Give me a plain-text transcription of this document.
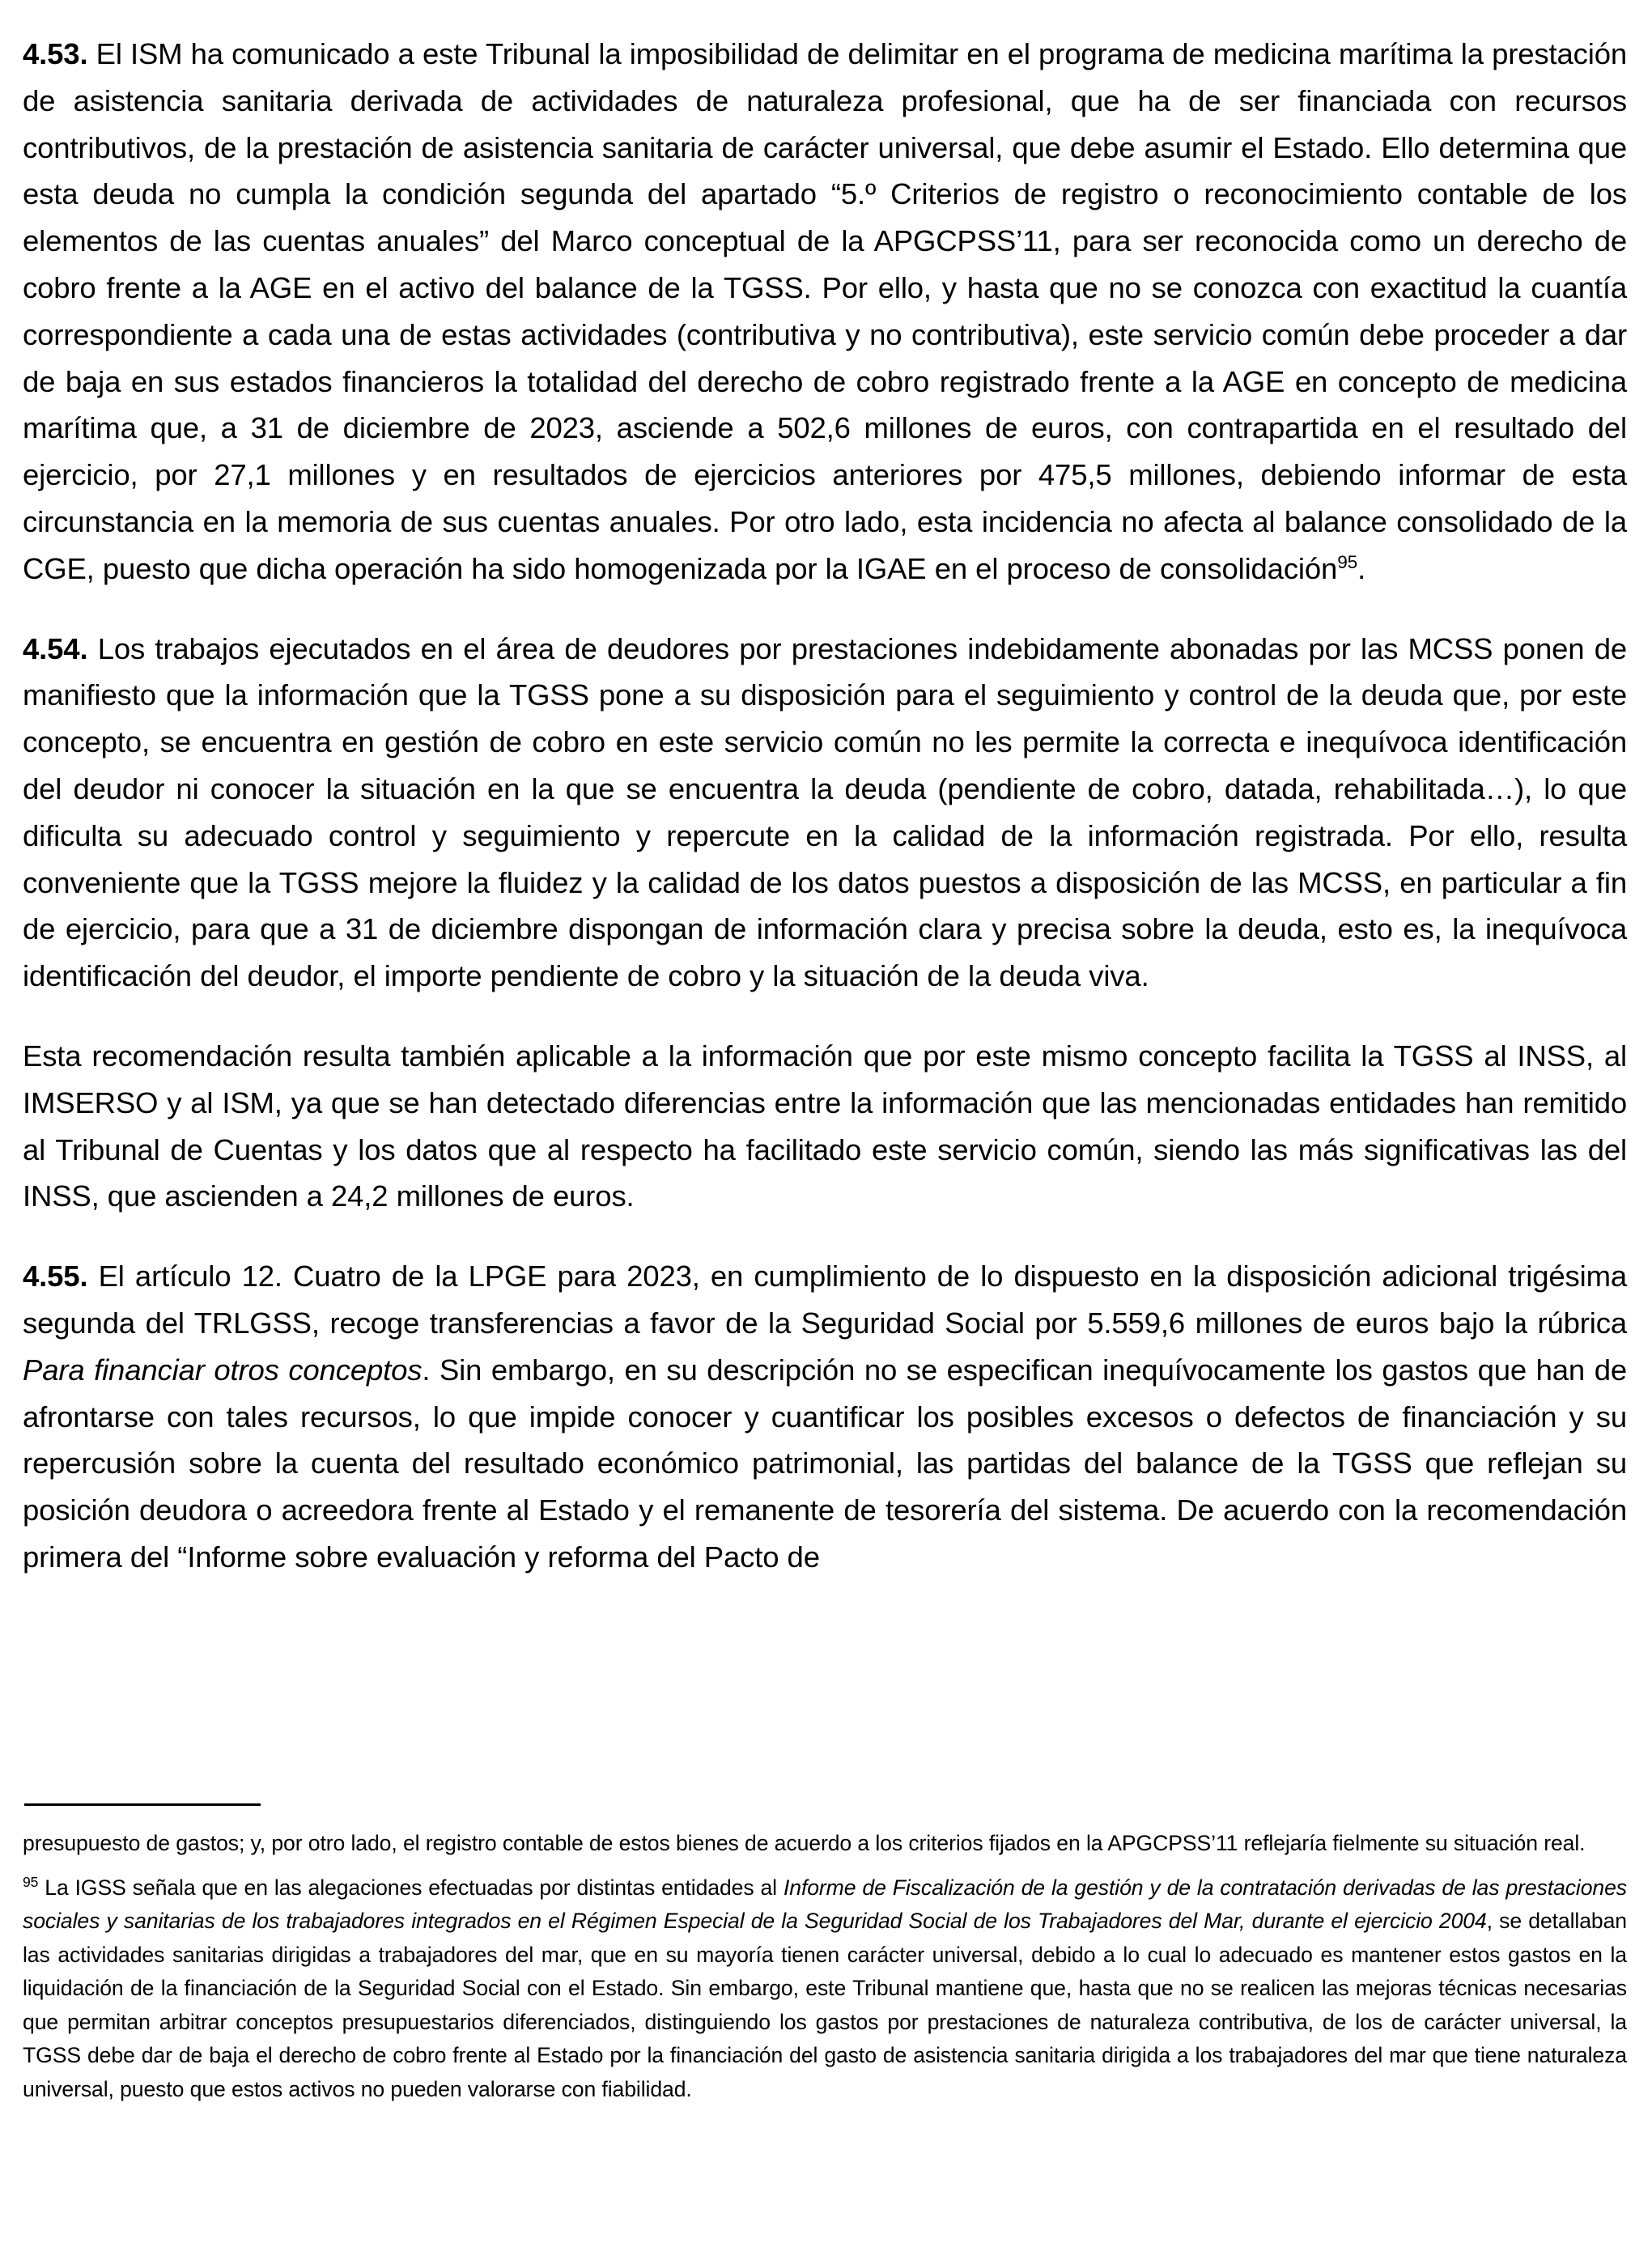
4.53. El ISM ha comunicado a este Tribunal la imposibilidad de delimitar en el programa de medicina marítima la prestación de asistencia sanitaria derivada de actividades de naturaleza profesional, que ha de ser financiada con recursos contributivos, de la prestación de asistencia sanitaria de carácter universal, que debe asumir el Estado. Ello determina que esta deuda no cumpla la condición segunda del apartado “5.º Criterios de registro o reconocimiento contable de los elementos de las cuentas anuales” del Marco conceptual de la APGCPSS’11, para ser reconocida como un derecho de cobro frente a la AGE en el activo del balance de la TGSS. Por ello, y hasta que no se conozca con exactitud la cuantía correspondiente a cada una de estas actividades (contributiva y no contributiva), este servicio común debe proceder a dar de baja en sus estados financieros la totalidad del derecho de cobro registrado frente a la AGE en concepto de medicina marítima que, a 31 de diciembre de 2023, asciende a 502,6 millones de euros, con contrapartida en el resultado del ejercicio, por 27,1 millones y en resultados de ejercicios anteriores por 475,5 millones, debiendo informar de esta circunstancia en la memoria de sus cuentas anuales. Por otro lado, esta incidencia no afecta al balance consolidado de la CGE, puesto que dicha operación ha sido homogenizada por la IGAE en el proceso de consolidación$^{95}$.

4.54. Los trabajos ejecutados en el área de deudores por prestaciones indebidamente abonadas por las MCSS ponen de manifiesto que la información que la TGSS pone a su disposición para el seguimiento y control de la deuda que, por este concepto, se encuentra en gestión de cobro en este servicio común no les permite la correcta e inequívoca identificación del deudor ni conocer la situación en la que se encuentra la deuda (pendiente de cobro, datada, rehabilitada…), lo que dificulta su adecuado control y seguimiento y repercute en la calidad de la información registrada. Por ello, resulta conveniente que la TGSS mejore la fluidez y la calidad de los datos puestos a disposición de las MCSS, en particular a fin de ejercicio, para que a 31 de diciembre dispongan de información clara y precisa sobre la deuda, esto es, la inequívoca identificación del deudor, el importe pendiente de cobro y la situación de la deuda viva.

Esta recomendación resulta también aplicable a la información que por este mismo concepto facilita la TGSS al INSS, al IMSERSO y al ISM, ya que se han detectado diferencias entre la información que las mencionadas entidades han remitido al Tribunal de Cuentas y los datos que al respecto ha facilitado este servicio común, siendo las más significativas las del INSS, que ascienden a 24,2 millones de euros.

4.55. El artículo 12. Cuatro de la LPGE para 2023, en cumplimiento de lo dispuesto en la disposición adicional trigésima segunda del TRLGSS, recoge transferencias a favor de la Seguridad Social por 5.559,6 millones de euros bajo la rúbrica Para financiar otros conceptos. Sin embargo, en su descripción no se especifican inequívocamente los gastos que han de afrontarse con tales recursos, lo que impide conocer y cuantificar los posibles excesos o defectos de financiación y su repercusión sobre la cuenta del resultado económico patrimonial, las partidas del balance de la TGSS que reflejan su posición deudora o acreedora frente al Estado y el remanente de tesorería del sistema. De acuerdo con la recomendación primera del “Informe sobre evaluación y reforma del Pacto de

presupuesto de gastos; y, por otro lado, el registro contable de estos bienes de acuerdo a los criterios fijados en la APGCPSS’11 reflejaría fielmente su situación real.

$^{95}$ La IGSS señala que en las alegaciones efectuadas por distintas entidades al Informe de Fiscalización de la gestión y de la contratación derivadas de las prestaciones sociales y sanitarias de los trabajadores integrados en el Régimen Especial de la Seguridad Social de los Trabajadores del Mar, durante el ejercicio 2004, se detallaban las actividades sanitarias dirigidas a trabajadores del mar, que en su mayoría tienen carácter universal, debido a lo cual lo adecuado es mantener estos gastos en la liquidación de la financiación de la Seguridad Social con el Estado. Sin embargo, este Tribunal mantiene que, hasta que no se realicen las mejoras técnicas necesarias que permitan arbitrar conceptos presupuestarios diferenciados, distinguiendo los gastos por prestaciones de naturaleza contributiva, de los de carácter universal, la TGSS debe dar de baja el derecho de cobro frente al Estado por la financiación del gasto de asistencia sanitaria dirigida a los trabajadores del mar que tiene naturaleza universal, puesto que estos activos no pueden valorarse con fiabilidad.
